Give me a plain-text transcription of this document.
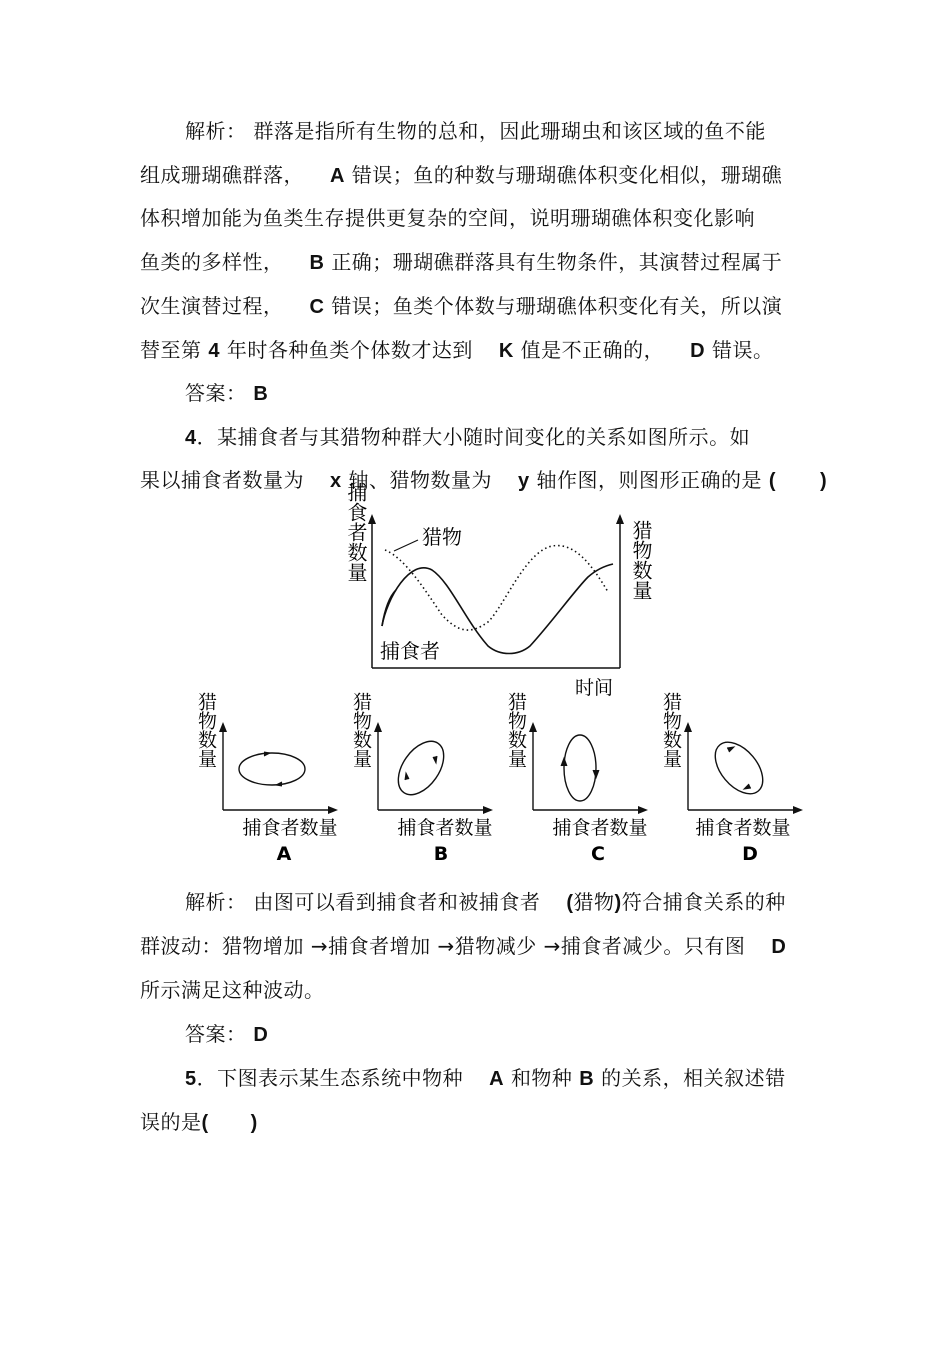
解析： 群落是指所有生物的总和，因此珊瑚虫和该区域的鱼不能
组成珊瑚礁群落， A 错误；鱼的种数与珊瑚礁体积变化相似，珊瑚礁
体积增加能为鱼类生存提供更复杂的空间，说明珊瑚礁体积变化影响
鱼类的多样性， B 正确；珊瑚礁群落具有生物条件，其演替过程属于
次生演替过程， C 错误；鱼类个体数与珊瑚礁体积变化有关，所以演
替至第 4 年时各种鱼类个体数才达到 K 值是不正确的， D 错误。
答案： B
4．某捕食者与其猎物种群大小随时间变化的关系如图所示。如
果以捕食者数量为 x 轴、猎物数量为 y 轴作图，则图形正确的是 ( )
捕食者数量	猎物数量
时间
猎物
捕食者
猎物数量
捕食者数量
A
猎物数量
捕食者数量
B
猎物数量
捕食者数量
C
猎物数量
捕食者数量
D
解析： 由图可以看到捕食者和被捕食者 (猎物)符合捕食关系的种
群波动：猎物增加 →捕食者增加 →猎物减少 →捕食者减少。只有图 D
所示满足这种波动。
答案： D
5．下图表示某生态系统中物种 A 和物种 B 的关系，相关叙述错
误的是( )
